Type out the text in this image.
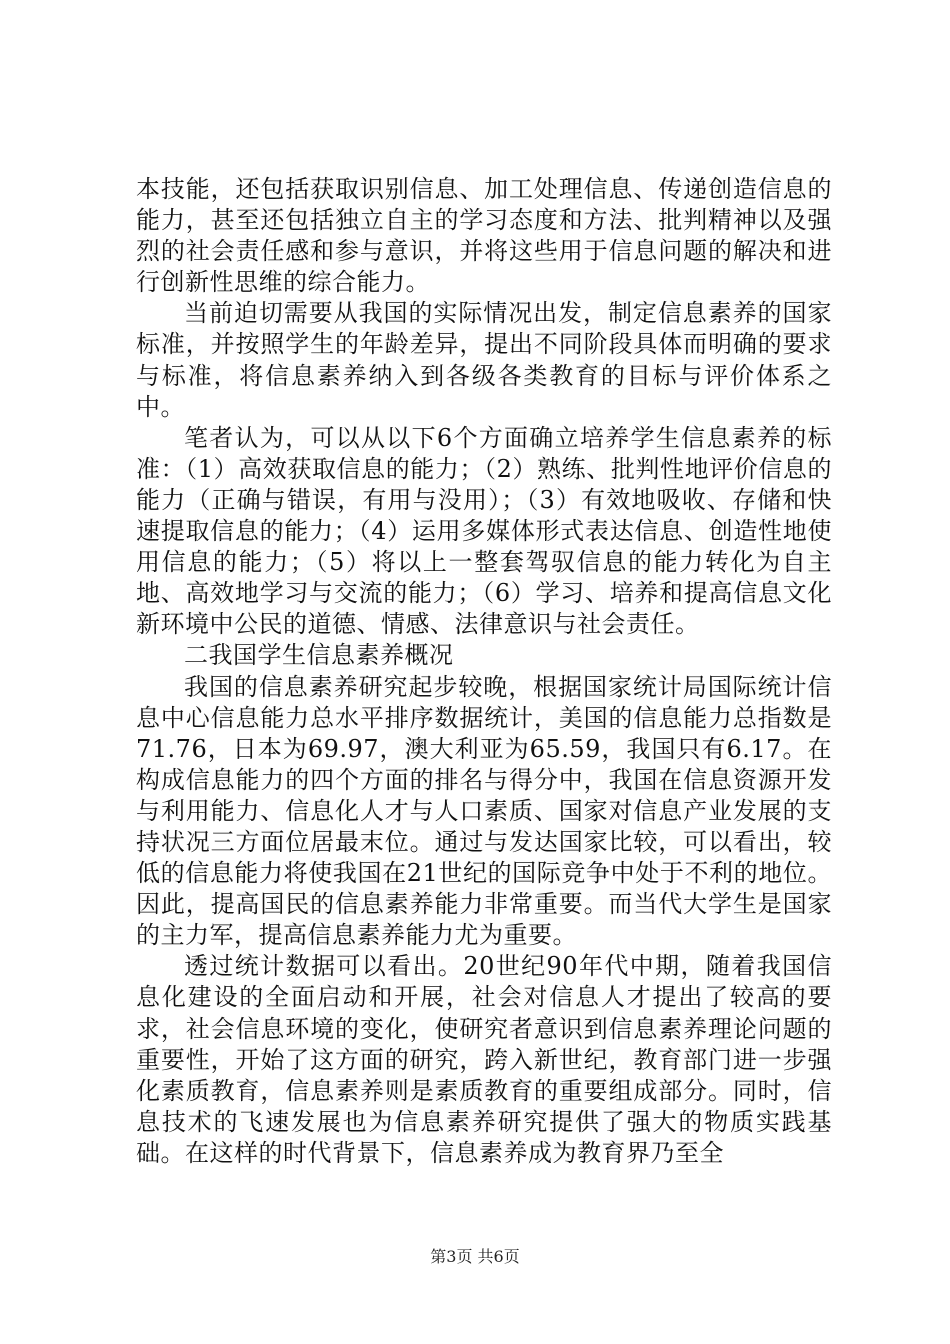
本技能，还包括获取识别信息、加工处理信息、传递创造信息的能力，甚至还包括独立自主的学习态度和方法、批判精神以及强烈的社会责任感和参与意识，并将这些用于信息问题的解决和进行创新性思维的综合能力。

当前迫切需要从我国的实际情况出发，制定信息素养的国家标准，并按照学生的年龄差异，提出不同阶段具体而明确的要求与标准，将信息素养纳入到各级各类教育的目标与评价体系之中。

笔者认为，可以从以下6个方面确立培养学生信息素养的标准：（1）高效获取信息的能力；（2）熟练、批判性地评价信息的能力（正确与错误，有用与没用）；（3）有效地吸收、存储和快速提取信息的能力；（4）运用多媒体形式表达信息、创造性地使用信息的能力；（5）将以上一整套驾驭信息的能力转化为自主地、高效地学习与交流的能力；（6）学习、培养和提高信息文化新环境中公民的道德、情感、法律意识与社会责任。

二我国学生信息素养概况

我国的信息素养研究起步较晚，根据国家统计局国际统计信息中心信息能力总水平排序数据统计，美国的信息能力总指数是71.76，日本为69.97，澳大利亚为65.59，我国只有6.17。在构成信息能力的四个方面的排名与得分中，我国在信息资源开发与利用能力、信息化人才与人口素质、国家对信息产业发展的支持状况三方面位居最末位。通过与发达国家比较，可以看出，较低的信息能力将使我国在21世纪的国际竞争中处于不利的地位。因此，提高国民的信息素养能力非常重要。而当代大学生是国家的主力军，提高信息素养能力尤为重要。

透过统计数据可以看出。20世纪90年代中期，随着我国信息化建设的全面启动和开展，社会对信息人才提出了较高的要求，社会信息环境的变化，使研究者意识到信息素养理论问题的重要性，开始了这方面的研究，跨入新世纪，教育部门进一步强化素质教育，信息素养则是素质教育的重要组成部分。同时，信息技术的飞速发展也为信息素养研究提供了强大的物质实践基础。在这样的时代背景下，信息素养成为教育界乃至全

第3页 共6页
